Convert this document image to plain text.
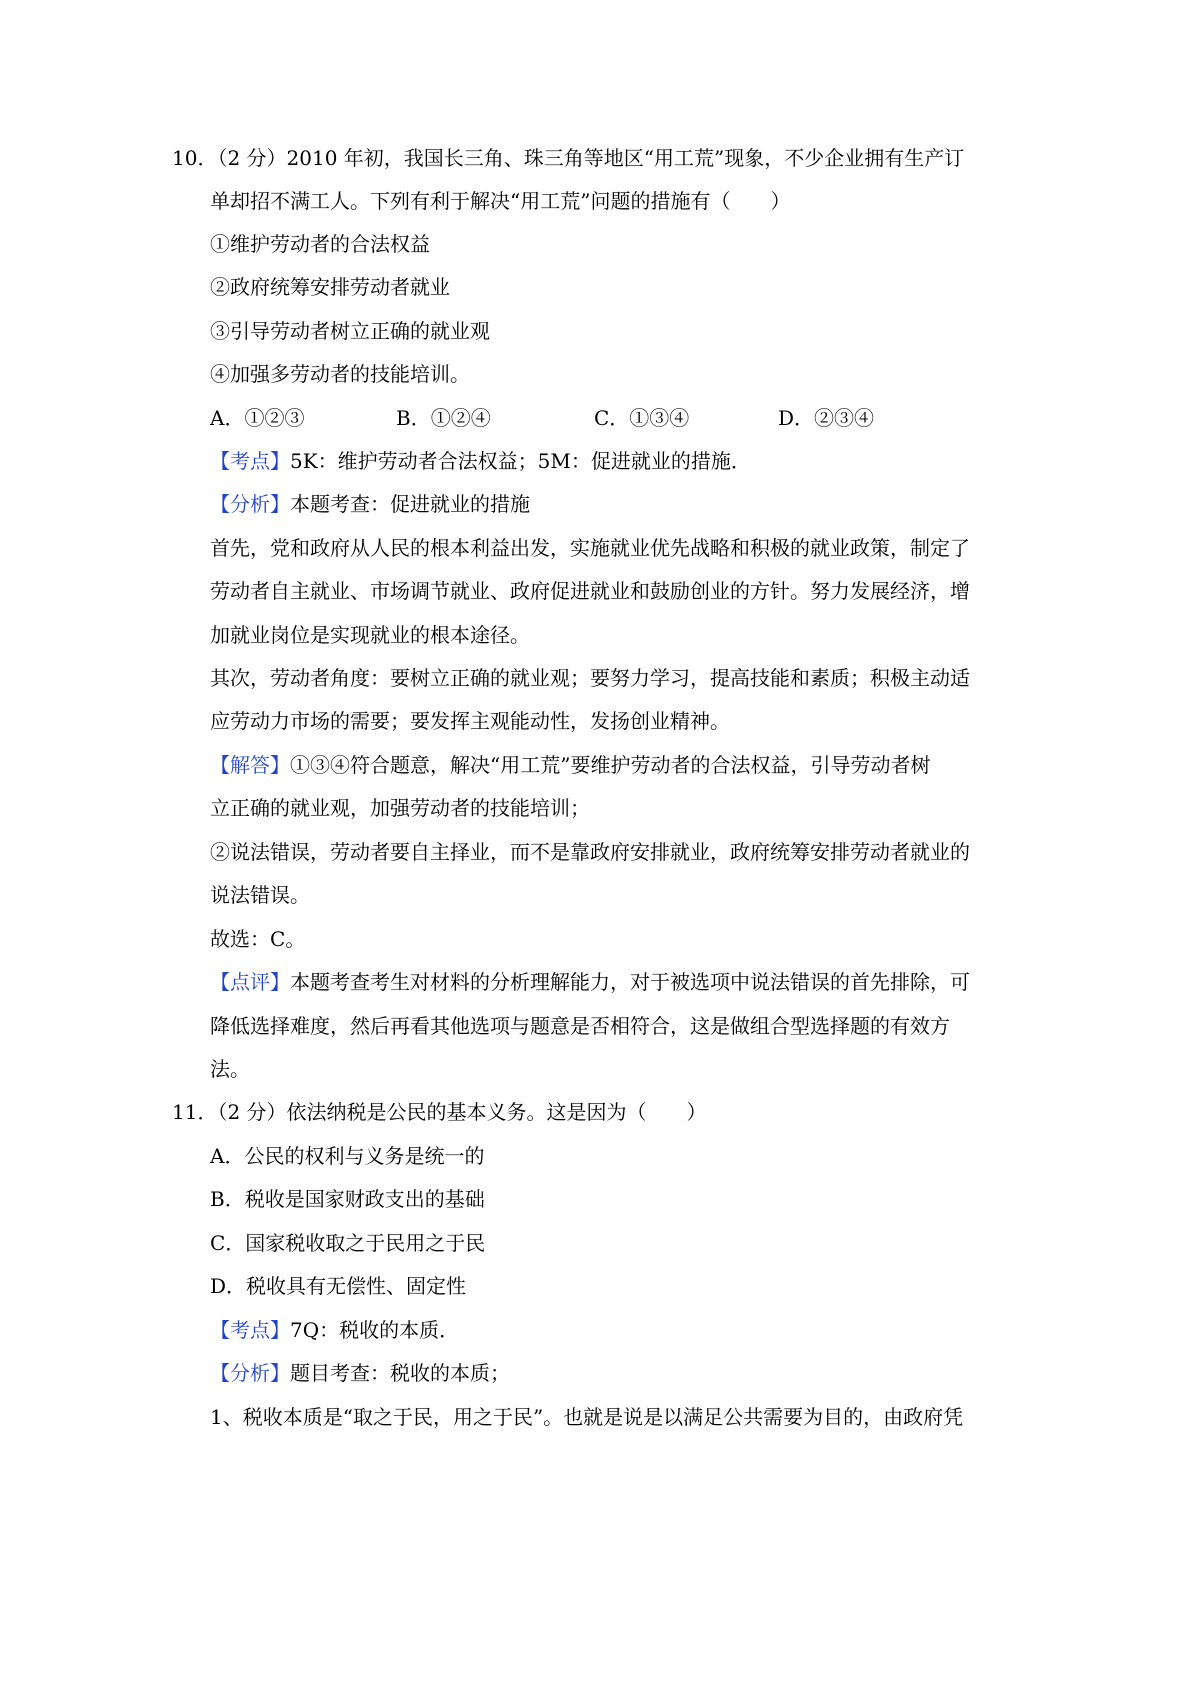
10．（2 分）2010 年初，我国长三角、珠三角等地区“用工荒”现象，不少企业拥有生产订
单却招不满工人。下列有利于解决“用工荒”问题的措施有（　　）
①维护劳动者的合法权益
②政府统筹安排劳动者就业
③引导劳动者树立正确的就业观
④加强多劳动者的技能培训。
A．①②③	B．①②④	C．①③④	D．②③④
【考点】5K：维护劳动者合法权益；5M：促进就业的措施．
【分析】本题考查：促进就业的措施
首先，党和政府从人民的根本利益出发，实施就业优先战略和积极的就业政策，制定了
劳动者自主就业、市场调节就业、政府促进就业和鼓励创业的方针。努力发展经济，增
加就业岗位是实现就业的根本途径。
其次，劳动者角度：要树立正确的就业观；要努力学习，提高技能和素质；积极主动适
应劳动力市场的需要；要发挥主观能动性，发扬创业精神。
【解答】①③④符合题意，解决“用工荒”要维护劳动者的合法权益，引导劳动者树
立正确的就业观，加强劳动者的技能培训；
②说法错误，劳动者要自主择业，而不是靠政府安排就业，政府统筹安排劳动者就业的
说法错误。
故选：C。
【点评】本题考查考生对材料的分析理解能力，对于被选项中说法错误的首先排除，可
降低选择难度，然后再看其他选项与题意是否相符合，这是做组合型选择题的有效方
法。
11．（2 分）依法纳税是公民的基本义务。这是因为（　　）
A．公民的权利与义务是统一的
B．税收是国家财政支出的基础
C．国家税收取之于民用之于民
D．税收具有无偿性、固定性
【考点】7Q：税收的本质．
【分析】题目考查：税收的本质；
1、税收本质是“取之于民，用之于民”。也就是说是以满足公共需要为目的，由政府凭
